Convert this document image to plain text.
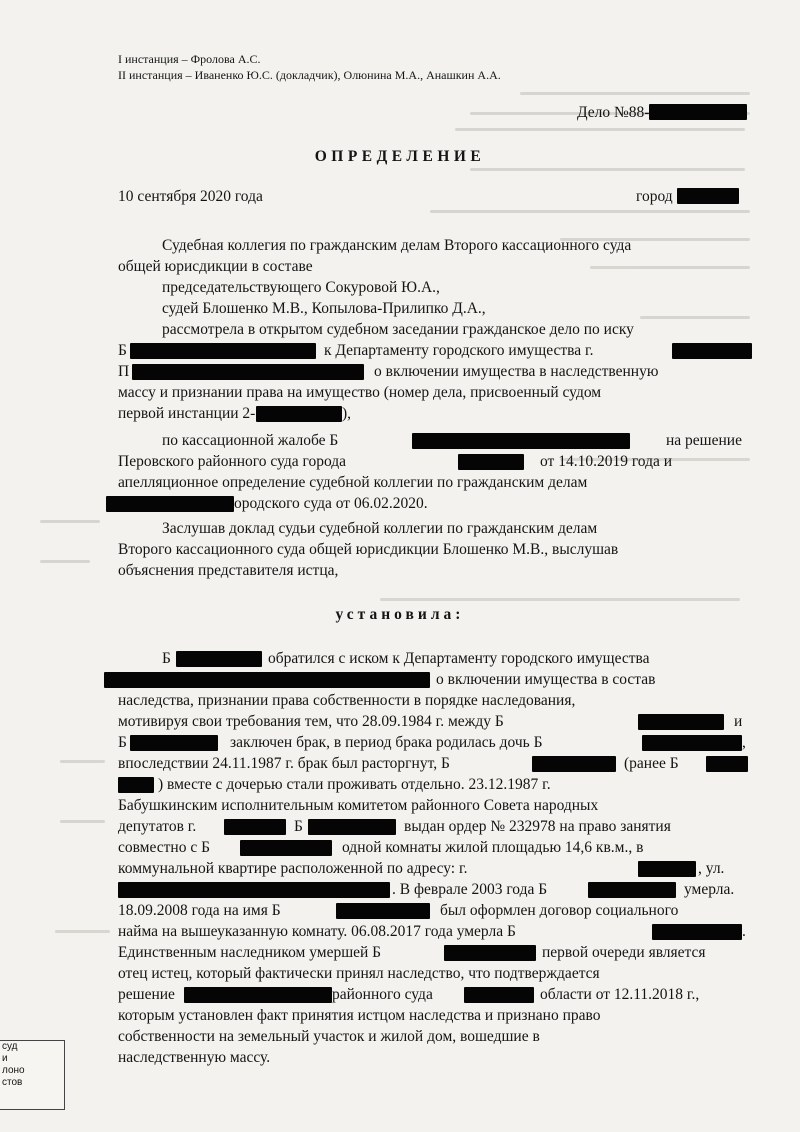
I инстанция – Фролова А.С.
II инстанция – Иваненко Ю.С. (докладчик), Олюнина М.А., Анашкин А.А.
Дело №88-
ОПРЕДЕЛЕНИЕ
10 сентября 2020 года	город
Судебная коллегия по гражданским делам Второго кассационного суда
общей юрисдикции в составе
председательствующего Сокуровой Ю.А.,
судей Блошенко М.В., Копылова-Прилипко Д.А.,
рассмотрела в открытом судебном заседании гражданское дело по иску
Б	к Департаменту городского имущества г.
П	о включении имущества в наследственную
массу и признании права на имущество (номер дела, присвоенный судом
первой инстанции 2-	),
по кассационной жалобе Б	на решение
Перовского районного суда города	от 14.10.2019 года и
апелляционное определение судебной коллегии по гражданским делам
ородского суда от 06.02.2020.
Заслушав доклад судьи судебной коллегии по гражданским делам
Второго кассационного суда общей юрисдикции Блошенко М.В., выслушав
объяснения представителя истца,
установила:
Б	обратился с иском к Департаменту городского имущества
о включении имущества в состав
наследства, признании права собственности в порядке наследования,
мотивируя свои требования тем, что 28.09.1984 г. между Б	и
Б	заключен брак, в период брака родилась дочь Б	,
впоследствии 24.11.1987 г. брак был расторгнут, Б	(ранее Б
) вместе с дочерью стали проживать отдельно. 23.12.1987 г.
Бабушкинским исполнительным комитетом районного Совета народных
депутатов г.	Б	выдан ордер № 232978 на право занятия
совместно с Б	одной комнаты жилой площадью 14,6 кв.м., в
коммунальной квартире расположенной по адресу: г.	, ул.
. В феврале 2003 года Б	умерла.
18.09.2008 года на имя Б	был оформлен договор социального
найма на вышеуказанную комнату. 06.08.2017 года умерла Б	.
Единственным наследником умершей Б	первой очереди является
отец истец, который фактически принял наследство, что подтверждается
решение	районного суда	области от 12.11.2018 г.,
которым установлен факт принятия истцом наследства и признано право
собственности на земельный участок и жилой дом, вошедшие в
наследственную массу.
суд
и
лоно
стов
